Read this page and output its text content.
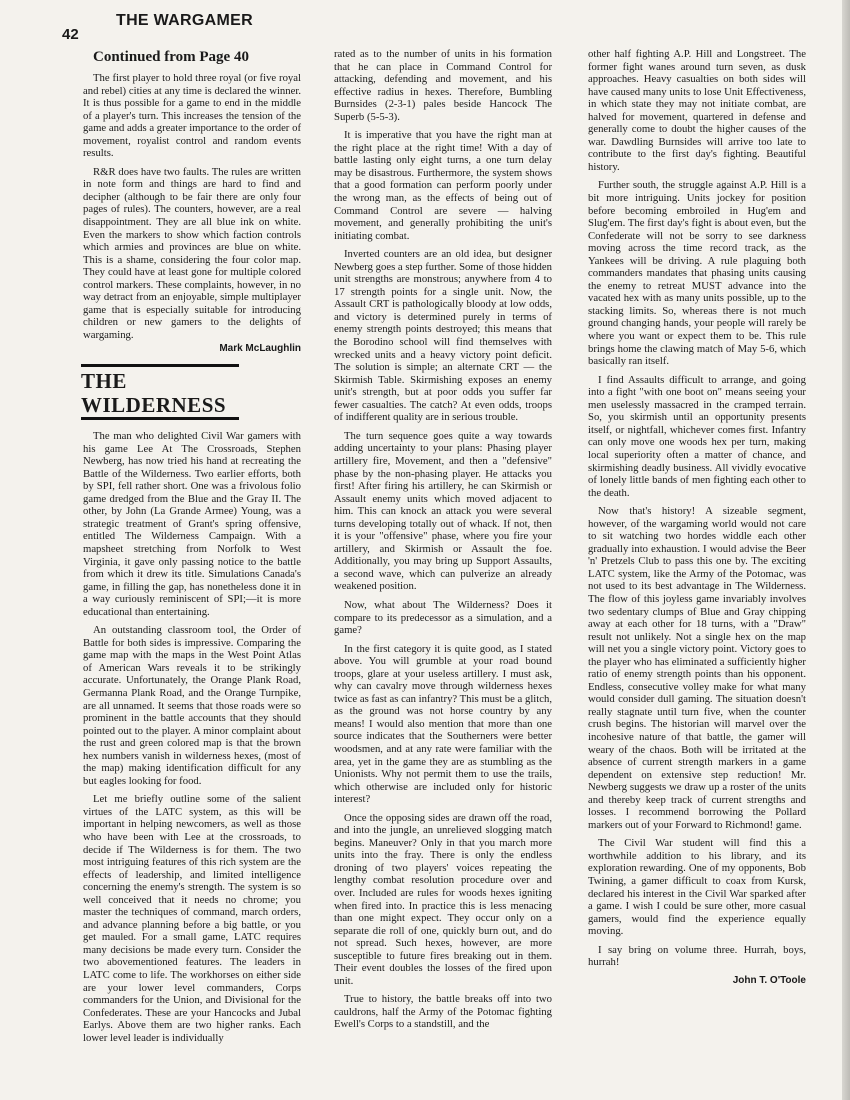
42
THE WARGAMER

Continued from Page 40

The first player to hold three royal (or five royal and rebel) cities at any time is declared the winner. It is thus possible for a game to end in the middle of a player's turn. This increases the tension of the game and adds a greater importance to the order of movement, royalist control and random events results.

R&R does have two faults. The rules are written in note form and things are hard to find and decipher (although to be fair there are only four pages of rules). The counters, however, are a real disappointment. They are all blue ink on white. Even the markers to show which faction controls which armies and provinces are blue on white. This is a shame, considering the four color map. They could have at least gone for multiple colored control markers. These complaints, however, in no way detract from an enjoyable, simple multiplayer game that is especially suitable for introducing children or new gamers to the delights of wargaming.

Mark McLaughlin

THE WILDERNESS

The man who delighted Civil War gamers with his game Lee At The Crossroads, Stephen Newberg, has now tried his hand at recreating the Battle of the Wilderness. Two earlier efforts, both by SPI, fell rather short. One was a frivolous folio game dredged from the Blue and the Gray II. The other, by John (La Grande Armee) Young, was a strategic treatment of Grant's spring offensive, entitled The Wilderness Campaign. With a mapsheet stretching from Norfolk to West Virginia, it gave only passing notice to the battle from which it drew its title. Simulations Canada's game, in filling the gap, has nonetheless done it in a way curiously reminiscent of SPI;—it is more educational than entertaining.

An outstanding classroom tool, the Order of Battle for both sides is impressive. Comparing the game map with the maps in the West Point Atlas of American Wars reveals it to be strikingly accurate. Unfortunately, the Orange Plank Road, Germanna Plank Road, and the Orange Turnpike, are all unnamed. It seems that those roads were so prominent in the battle accounts that they should pointed out to the player. A minor complaint about the rust and green colored map is that the brown hex numbers vanish in wilderness hexes, (most of the map) making identification difficult for any but eagles looking for food.

Let me briefly outline some of the salient virtues of the LATC system, as this will be important in helping newcomers, as well as those who have been with Lee at the crossroads, to decide if The Wilderness is for them. The two most intriguing features of this rich system are the effects of leadership, and limited intelligence concerning the enemy's strength. The system is so well conceived that it needs no chrome; you master the techniques of command, march orders, and advance planning before a big battle, or you get mauled. For a small game, LATC requires many decisions be made every turn. Consider the two abovementioned features. The leaders in LATC come to life. The workhorses on either side are your lower level commanders, Corps commanders for the Union, and Divisional for the Confederates. These are your Hancocks and Jubal Earlys. Above them are two higher ranks. Each lower level leader is individually

rated as to the number of units in his formation that he can place in Command Control for attacking, defending and movement, and his effective radius in hexes. Therefore, Bumbling Burnsides (2-3-1) pales beside Hancock The Superb (5-5-3).

It is imperative that you have the right man at the right place at the right time! With a day of battle lasting only eight turns, a one turn delay may be disastrous. Furthermore, the system shows that a good formation can perform poorly under the wrong man, as the effects of being out of Command Control are severe — halving movement, and generally prohibiting the unit's initiating combat.

Inverted counters are an old idea, but designer Newberg goes a step further. Some of those hidden unit strengths are monstrous; anywhere from 4 to 17 strength points for a single unit. Now, the Assault CRT is pathologically bloody at low odds, and victory is determined purely in terms of enemy strength points destroyed; this means that the Borodino school will find themselves with wrecked units and a heavy victory point deficit. The solution is simple; an alternate CRT — the Skirmish Table. Skirmishing exposes an enemy unit's strength, but at poor odds you suffer far fewer casualties. The catch? At even odds, troops of indifferent quality are in serious trouble.

The turn sequence goes quite a way towards adding uncertainty to your plans: Phasing player artillery fire, Movement, and then a "defensive" phase by the non-phasing player. He attacks you first! After firing his artillery, he can Skirmish or Assault enemy units which moved adjacent to him. This can knock an attack you were several turns developing totally out of whack. If not, then it is your "offensive" phase, where you fire your artillery, and Skirmish or Assault the foe. Additionally, you may bring up Support Assaults, a second wave, which can pulverize an already weakened position.

Now, what about The Wilderness? Does it compare to its predecessor as a simulation, and a game?

In the first category it is quite good, as I stated above. You will grumble at your road bound troops, glare at your useless artillery. I must ask, why can cavalry move through wilderness hexes twice as fast as can infantry? This must be a glitch, as the ground was not horse country by any means! I would also mention that more than one source indicates that the Southerners were better woodsmen, and at any rate were familiar with the area, yet in the game they are as stumbling as the Unionists. Why not permit them to use the trails, which otherwise are included only for historic interest?

Once the opposing sides are drawn off the road, and into the jungle, an unrelieved slogging match begins. Maneuver? Only in that you march more units into the fray. There is only the endless droning of two players' voices repeating the lengthy combat resolution procedure over and over. Included are rules for woods hexes igniting when fired into. In practice this is less menacing than one might expect. They occur only on a separate die roll of one, quickly burn out, and do not spread. Such hexes, however, are more susceptible to future fires breaking out in them. Their event doubles the losses of the fired upon unit.

True to history, the battle breaks off into two cauldrons, half the Army of the Potomac fighting Ewell's Corps to a standstill, and the

other half fighting A.P. Hill and Longstreet. The former fight wanes around turn seven, as dusk approaches. Heavy casualties on both sides will have caused many units to lose Unit Effectiveness, in which state they may not initiate combat, are halved for movement, quartered in defense and generally come to doubt the higher causes of the war. Dawdling Burnsides will arrive too late to contribute to the first day's fighting. Beautiful history.

Further south, the struggle against A.P. Hill is a bit more intriguing. Units jockey for position before becoming embroiled in Hug'em and Slug'em. The first day's fight is about even, but the Confederate will not be sorry to see darkness moving across the time record track, as the Yankees will be driving. A rule plaguing both commanders mandates that phasing units causing the enemy to retreat MUST advance into the vacated hex with as many units possible, up to the stacking limits. So, whereas there is not much ground changing hands, your people will rarely be where you want or expect them to be. This rule brings home the clawing match of May 5-6, which basically ran itself.

I find Assaults difficult to arrange, and going into a fight "with one boot on" means seeing your men uselessly massacred in the cramped terrain. So, you skirmish until an opportunity presents itself, or nightfall, whichever comes first. Infantry can only move one woods hex per turn, making local superiority often a matter of chance, and skirmishing deadly business. All vividly evocative of lonely little bands of men fighting each other to the death.

Now that's history! A sizeable segment, however, of the wargaming world would not care to sit watching two hordes widdle each other gradually into exhaustion. I would advise the Beer 'n' Pretzels Club to pass this one by. The exciting LATC system, like the Army of the Potomac, was not used to its best advantage in The Wilderness. The flow of this joyless game invariably involves two sedentary clumps of Blue and Gray chipping away at each other for 18 turns, with a "Draw" result not unlikely. Not a single hex on the map will net you a single victory point. Victory goes to the player who has eliminated a sufficiently higher ratio of enemy strength points than his opponent. Endless, consecutive volley make for what many would consider dull gaming. The situation doesn't really stagnate until turn five, when the counter crush begins. The historian will marvel over the incohesive nature of that battle, the gamer will weary of the chaos. Both will be irritated at the absence of current strength markers in a game dependent on extensive step reduction! Mr. Newberg suggests we draw up a roster of the units and thereby keep track of current strengths and losses. I recommend borrowing the Pollard markers out of your Forward to Richmond! game.

The Civil War student will find this a worthwhile addition to his library, and its exploration rewarding. One of my opponents, Bob Twining, a gamer difficult to coax from Kursk, declared his interest in the Civil War sparked after a game. I wish I could be sure other, more casual gamers, would find the experience equally moving.

I say bring on volume three. Hurrah, boys, hurrah!

John T. O'Toole
